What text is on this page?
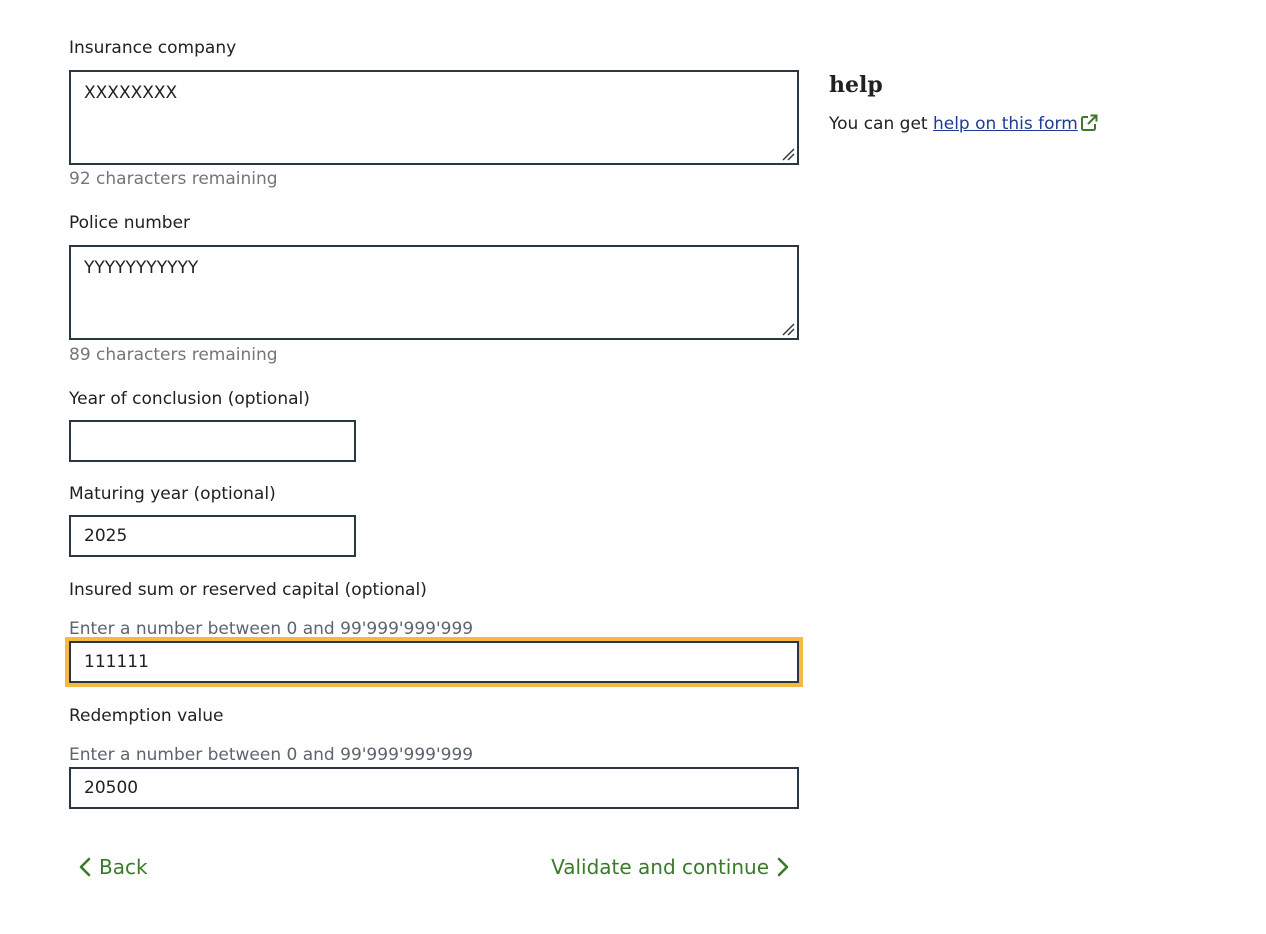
Insurance company
XXXXXXXX
92 characters remaining
Police number
YYYYYYYYYYY
89 characters remaining
Year of conclusion (optional)
Maturing year (optional)
2025
Insured sum or reserved capital (optional)
Enter a number between 0 and 99'999'999'999
111111
Redemption value
Enter a number between 0 and 99'999'999'999
20500
Back	Validate and continue
help
You can get help on this form
